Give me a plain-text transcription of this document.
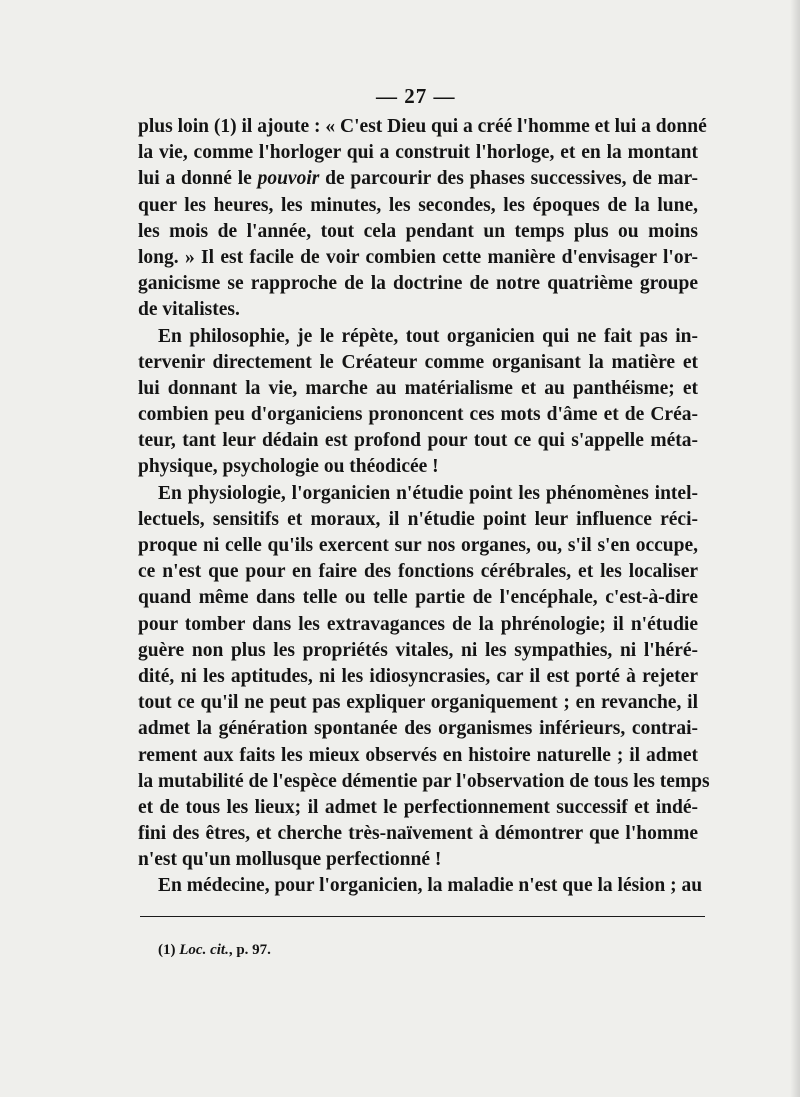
— 27 —
plus loin (1) il ajoute : « C'est Dieu qui a créé l'homme et lui a donné
la vie, comme l'horloger qui a construit l'horloge, et en la montant
lui a donné le pouvoir de parcourir des phases successives, de mar-
quer les heures, les minutes, les secondes, les époques de la lune,
les mois de l'année, tout cela pendant un temps plus ou moins
long. » Il est facile de voir combien cette manière d'envisager l'or-
ganicisme se rapproche de la doctrine de notre quatrième groupe
de vitalistes.
En philosophie, je le répète, tout organicien qui ne fait pas in-
tervenir directement le Créateur comme organisant la matière et
lui donnant la vie, marche au matérialisme et au panthéisme; et
combien peu d'organiciens prononcent ces mots d'âme et de Créa-
teur, tant leur dédain est profond pour tout ce qui s'appelle méta-
physique, psychologie ou théodicée !
En physiologie, l'organicien n'étudie point les phénomènes intel-
lectuels, sensitifs et moraux, il n'étudie point leur influence réci-
proque ni celle qu'ils exercent sur nos organes, ou, s'il s'en occupe,
ce n'est que pour en faire des fonctions cérébrales, et les localiser
quand même dans telle ou telle partie de l'encéphale, c'est-à-dire
pour tomber dans les extravagances de la phrénologie; il n'étudie
guère non plus les propriétés vitales, ni les sympathies, ni l'héré-
dité, ni les aptitudes, ni les idiosyncrasies, car il est porté à rejeter
tout ce qu'il ne peut pas expliquer organiquement ; en revanche, il
admet la génération spontanée des organismes inférieurs, contrai-
rement aux faits les mieux observés en histoire naturelle ; il admet
la mutabilité de l'espèce démentie par l'observation de tous les temps
et de tous les lieux; il admet le perfectionnement successif et indé-
fini des êtres, et cherche très-naïvement à démontrer que l'homme
n'est qu'un mollusque perfectionné !
En médecine, pour l'organicien, la maladie n'est que la lésion ; au
(1) Loc. cit., p. 97.
